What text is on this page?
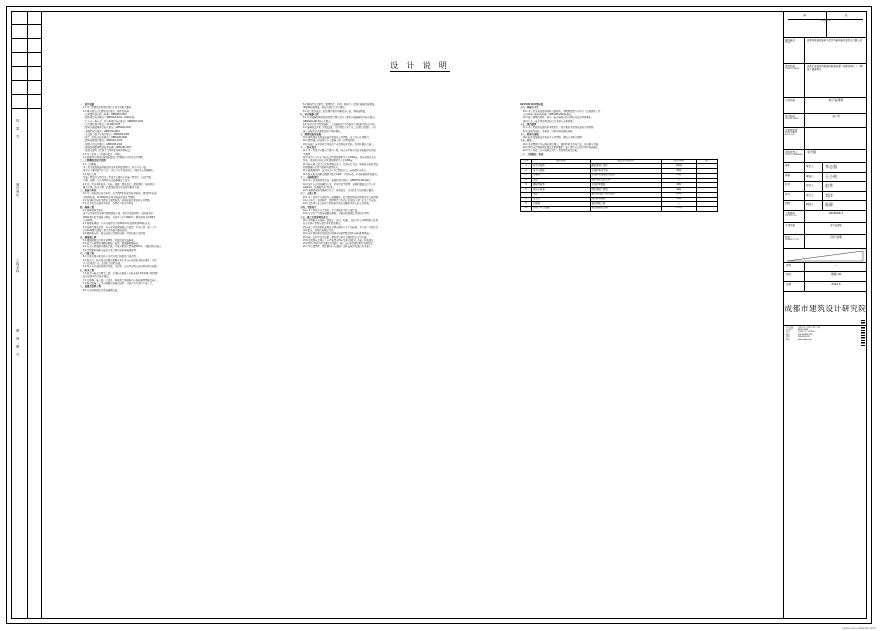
档 案 号
建设单位
工程名称
图 别 图 号
设 计 说 明

一、设计依据

1.1 本工程建设方提供的设计任务书及相关要求。

1.2 国家现行有关建筑设计规范、规程及标准：

《民用建筑设计统一标准》GB50352-2019

《建筑设计防火规范》GB50016-2014（2018年版）

《汽车库、修车库、停车场设计防火规范》GB50067-2014

《车库建筑设计规范》JGJ100-2015

《建筑内部装修设计防火规范》GB50222-2017

《无障碍设计规范》GB50763-2012

《人民防空地下室设计规范》GB50038-2005

《地下工程防水技术规范》GB50108-2008

《建筑地面设计规范》GB50037-2013

《屋面工程技术规范》GB50345-2012

《建筑防烟排烟系统技术标准》GB51251-2017

《成都市建筑工程地下空间开发利用管理办法》

1.3 本工程岩土工程勘察报告（详勘）。

1.4 经规划主管部门批准的建设工程规划许可证及总平面图。

二、工程概况及设计范围

2.1 工程概况

本工程为成都双流西航港经济开发区建设项目，地下室为一层，

地下室主要功能为汽车库、自行车库及设备用房，战时为人员掩蔽所。

2.2 设计范围

本施工图设计范围为本工程地下室建筑专业施工图设计，包括平面、

立面、剖面、节点详图及室内装修做法等内容。

2.3 本工程各单体编号、名称、层数、建筑高度、建筑面积、结构形式、

耐火等级、防水等级、抗震设防烈度及使用年限见下表。

三、标高与单位

3.1 本工程标高以米为单位，总平面图中标高为绝对标高，建筑图中标高

为相对标高，±0.000相当于绝对标高详见总平面图。

3.2 各层标注标高为建筑完成面标高，结构标高详见结构专业图纸。

3.3 尺寸标注以毫米为单位，总图尺寸以米为单位。

四、墙体工程

4.1 墙体材料及厚度

地下室外墙及承重墙为钢筋混凝土墙，厚度详见结构图；内隔墙采用

200厚蒸压加气混凝土砌块，容重不大于7.0kN/m³，砌筑砂浆采用M5.0

专用砂浆。

4.2 墙身防潮层：在室内地坪以下设20厚1:2水泥砂浆掺5%防水剂。

4.3 墙体留洞及封堵：各专业管道穿墙洞口应预留，不得后凿；施工完毕

后用C20细石混凝土填实并按防火要求封堵。

4.4 砌体墙与柱、墙交接处应设置拉结筋，详见结构专业说明。

五、楼地面工程

5.1 楼地面做法详见本套图纸工程做法表及装修表。

5.2 地下室地面采用耐磨混凝土地坪，面层随捣随抹光。

5.3 有水房间地面应做防水层，并低于相邻房间地面20mm，且做好排水坡度。

5.4 不同材料地面交接处应设金属分隔条或嵌缝处理。

六、门窗工程

6.1 门窗立面分格及开启方式详见门窗表及门窗详图。

6.2 防火门、防火卷帘的耐火极限及开启方向应满足防火规范要求，并由

具有资质的厂家二次设计后制作安装。

6.3 所有外门窗的抗风压性能、气密性、水密性分级应满足国家相关标准。

七、防水工程

7.1 地下室防水等级为二级，采用防水混凝土自防水加1.5厚单组分聚氨酯

防水涂料的复合防水做法。

7.2 变形缝、施工缝、后浇带、穿墙管等细部构造应按标准图集做法施工。

7.3 防水层施工完毕应做蓄水或淋水试验，合格后方可进行下道工序。

八、油漆及涂料工程

8.1 室内涂料做法详见装修做法表。

8.2 钢构件及金属件（预埋铁件、栏杆、爬梯等）除锈后刷防锈漆两道，

再刷调和漆两道，颜色由设计与业主确定。

8.3 木门及木制品，除特殊注明外均刷底油一道，调和漆两道。

九、室内装修工程

9.1 室内装修材料的燃烧性能等级应符合《建筑内部装修设计防火规范》

GB50222-2017的有关规定。

9.2 本设计仅为基本装修，二次装修设计不得拆改主体结构及防火分隔。

9.3 装修做法详见工程做法表，凡注明由专业厂家二次设计的部位，应在

施工前将设计方案报送设计单位确认。

十、建筑设备及设施

10.1 建筑设备及管道安装详见设备专业图纸，各专业应密切配合。

10.2 预留洞口及套管应在土建施工时一次埋设到位。

10.3 电梯、自动扶梯等设备由厂家提供技术资料，经设计确认后施工。

十一、防火设计

11.1 本工程地下室耐火等级为一级，防火分区划分及安全疏散详见各层

平面图。

11.2 地下汽车库每个防火分区建筑面积不大于4000㎡，设自动喷水灭火

系统；设备用房防火分区建筑面积不大于1000㎡。

11.3 防火墙上的门应采用甲级防火门，并能自行关闭；穿越防火墙的管道

四周缝隙应采用不燃材料填塞密实。

11.4 疏散楼梯间、前室的门应为乙级防火门，向疏散方向开启。

11.5 防火卷帘的耐火极限不低于3.00h，并设自动、手动和温控释放装置。

十二、无障碍设计

12.1 本工程无障碍设计按《无障碍设计规范》GB50763-2012执行。

12.2 地下车库设无障碍车位，位置详见平面图；无障碍通道宽度不小于

1200mm，地面防滑且不积水。

12.3 无障碍电梯及候梯厅尺寸、按钮高度、盲文标识等满足规范要求。

十三、人防工程

13.1 本工程地下室战时为人员掩蔽所，抗力级别及防化级别详见人防图纸。

13.2 人防门、封堵构件、预埋管件等均由有资质的专业厂家生产并安装。

13.3 人防区与非人防区之间的封堵及密闭要求详见人防专业说明。

十四、节能设计

14.1 本工程地下室不采暖、不空调部位不作节能计算。

14.2 与室外空气直接接触的顶板、外墙的保温做法详见构造详图。

十五、施工注意事项及其它

15.1 本图纸应与结构、给排水、电气、暖通、人防等各专业图纸配合使用，

如有矛盾应及时与设计单位联系解决。

15.2 施工中所用材料必须符合国家现行有关产品标准，并有出厂合格证及

检验报告，进场后按规定复验。

15.3 未注明的构造及做法均按国家标准图集及四川省标准图集施工。

15.4 施工过程中如需变更，须经设计单位书面同意后方可实施。

15.5 本说明未尽事宜，应严格遵守国家及地方现行有关施工验收规范。

15.6 图中注明“由甲方确认”的部位，施工前应取得建设单位书面意见。

15.7 所有预埋件、预留洞均应在混凝土浇筑前核对无误后方可施工。

GB17945-2010等标准。

十六、环保与卫生

16.1 本工程采用的建筑材料其放射性、甲醛释放量等应符合《民用建筑工程

室内环境污染控制标准》GB50325-2020的规定。

16.2 施工现场的噪声、扬尘、废水排放应符合国家及地方环保要求。

16.3 污水、废水经处理达标后方可排入市政管网。

十七、绿色建筑

17.1 本工程按绿色建筑基本级设计，设计要求详见绿色建筑专项说明。

17.2 选用本地化、可循环、可再利用的建筑材料。

十八、防雷与接地

18.1 防雷接地做法详见电气专业图纸，建筑专业配合预埋。

十九、其它

19.1 本套图纸中凡与国家现行规范、强制性条文不符之处，均以规范为准。

19.2 图中未注明的构造做法及材料要求，施工单位应与设计单位协商确定。

19.3 本工程竣工后应按规定进行工程质量验收及备案。

二十、工程做法一览表

序号	部位名称	做法及图集编号	厚度(mm)	备注
1	地下室地面	耐磨混凝土地坪	120厚	
2	地下室顶板	水泥砂浆找平层	20厚	
3	内墙面	水泥砂浆抹灰加乳胶漆	20厚	
4	顶棚	板底喷涂无机涂料	—	
5	楼梯间地面	水泥砂浆面层	30厚	
6	设备房地面	细石混凝土面层	40厚	
7	坡道	露骨料混凝土防滑面层	100厚	
8	集水坑	防水砂浆抹面	20厚	
9	变形缝	镀锌钢板盖缝	—	
10	外墙（与土接触）	聚氨酯防水涂料	1.5厚	
修	改
REVISION
建设单位
CLIENT
成都西航港双流电子信息基础设施开发投资有限公司
项目名称
PROJECT NAME
成都市双流区西航港西航港标准厂房建设项目（一期）施工通道项目
子项名称	地下室建筑
设计阶段
DESIGN STAGE
施工图
注册师签章
REGISTERED ARCHITECT
项目负责人
PROJECT MANAGER
李志强
审定	审定人	李志强
审核	审核人	王小明
校对	校对人	赵华
设计	设计人	刘洋
制图	制图人	陈静
工程编号
PROJECT NO.
2018166-7
子项名称	地下室建筑
图名
DRAWING TITLE
设计说明
比例	—
图号	建施-01
日期	2021.5
成都市建筑设计研究院
证书等级	建筑行业（建筑工程）甲级
证书编号	A151002861
地址	成都市下东大街段9号
电话	028-28-86613231
传真	028-86613231
网址	www.cdadri.com
本图纸设计版权属成都市建筑设计研究院
